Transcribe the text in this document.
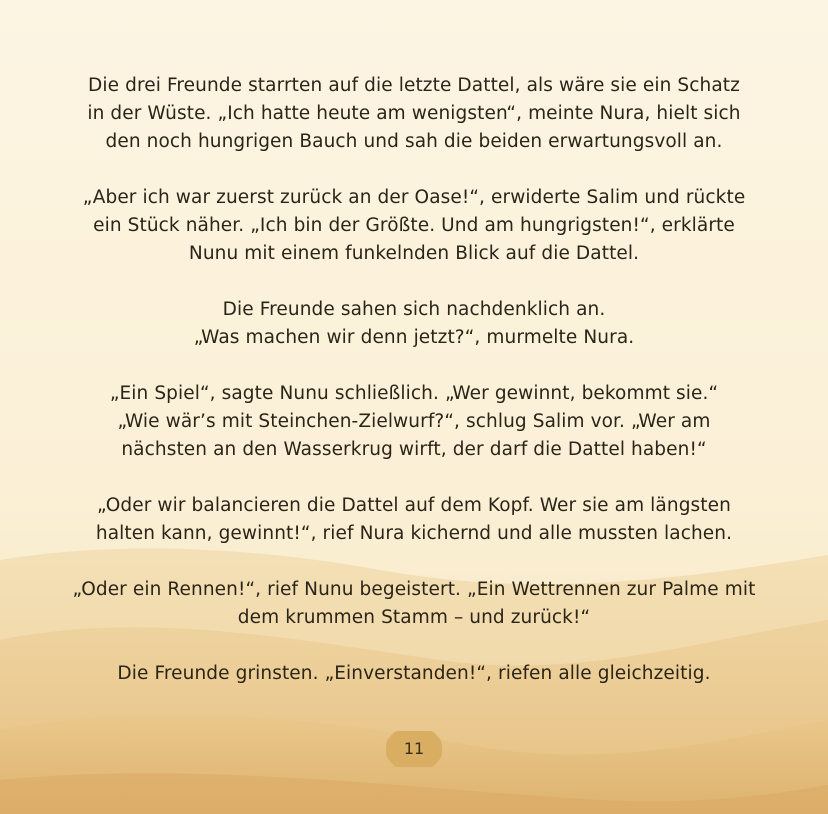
Die drei Freunde starrten auf die letzte Dattel, als wäre sie ein Schatz
in der Wüste. „Ich hatte heute am wenigsten“, meinte Nura, hielt sich
den noch hungrigen Bauch und sah die beiden erwartungsvoll an.

„Aber ich war zuerst zurück an der Oase!“, erwiderte Salim und rückte
ein Stück näher. „Ich bin der Größte. Und am hungrigsten!“, erklärte
Nunu mit einem funkelnden Blick auf die Dattel.

Die Freunde sahen sich nachdenklich an.
„Was machen wir denn jetzt?“, murmelte Nura.

„Ein Spiel“, sagte Nunu schließlich. „Wer gewinnt, bekommt sie.“
„Wie wär’s mit Steinchen-Zielwurf?“, schlug Salim vor. „Wer am
nächsten an den Wasserkrug wirft, der darf die Dattel haben!“

„Oder wir balancieren die Dattel auf dem Kopf. Wer sie am längsten
halten kann, gewinnt!“, rief Nura kichernd und alle mussten lachen.

„Oder ein Rennen!“, rief Nunu begeistert. „Ein Wettrennen zur Palme mit
dem krummen Stamm – und zurück!“

Die Freunde grinsten. „Einverstanden!“, riefen alle gleichzeitig.

11
